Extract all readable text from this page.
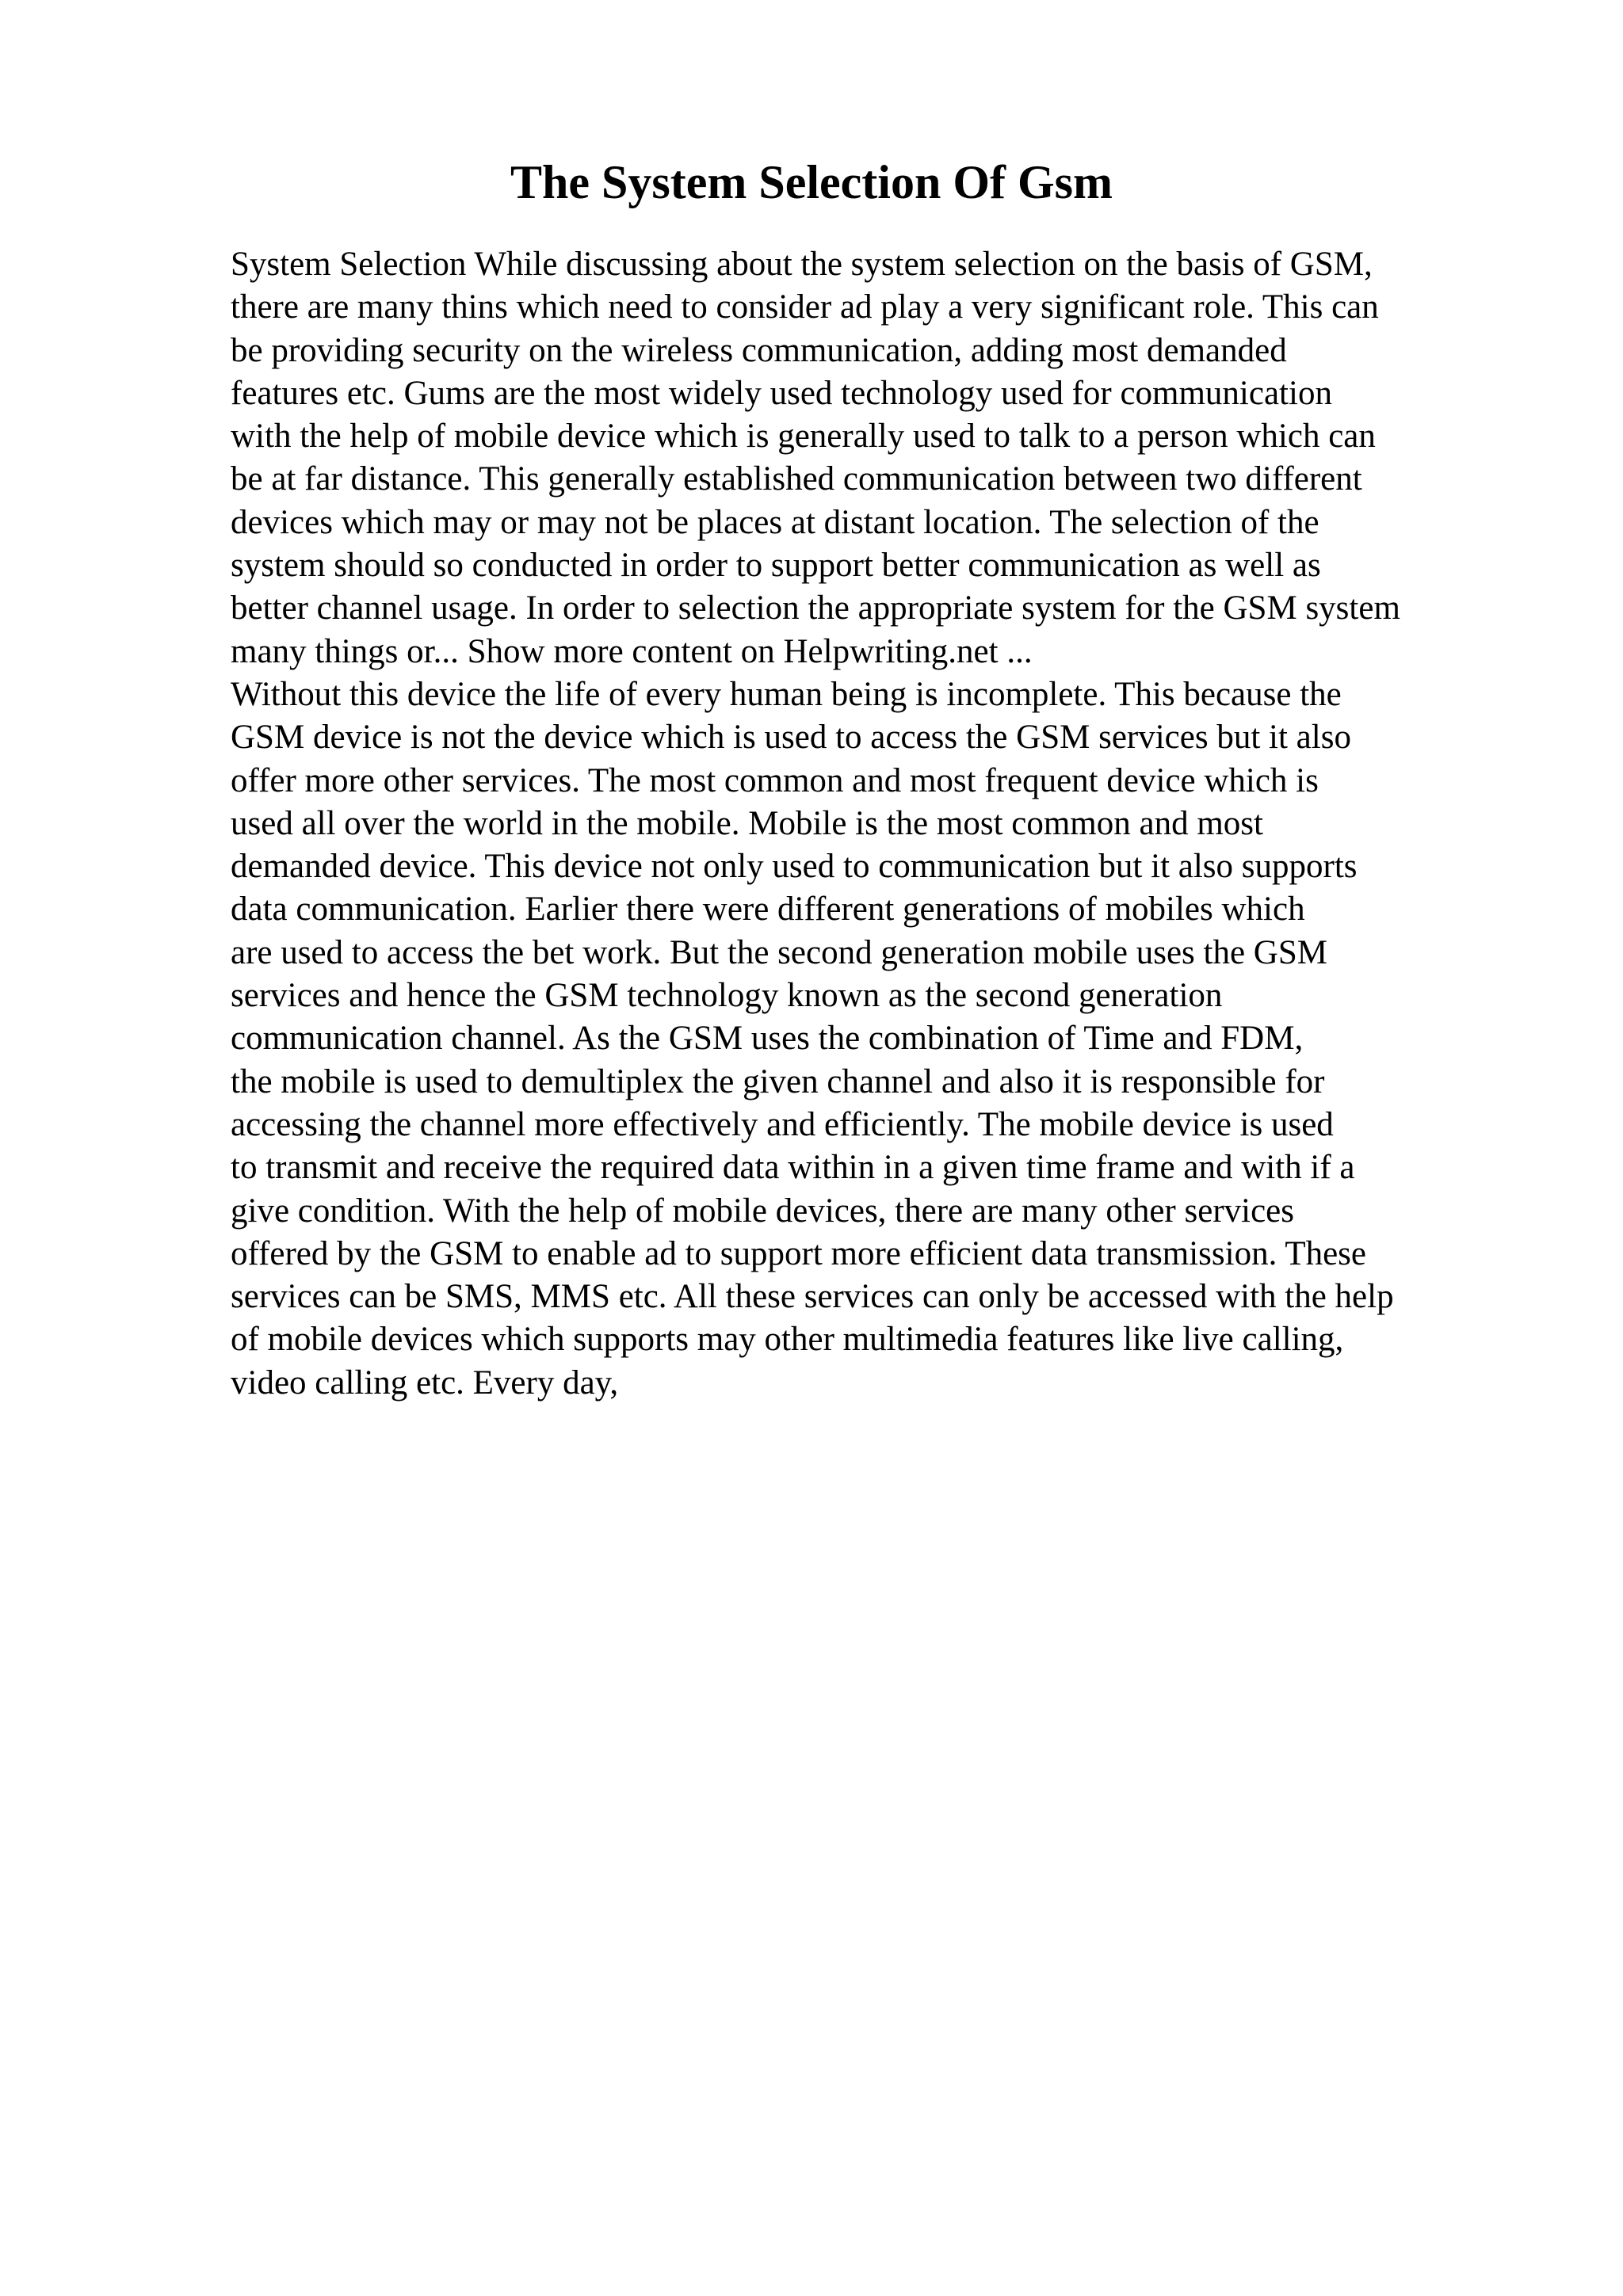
The System Selection Of Gsm
System Selection While discussing about the system selection on the basis of GSM,
there are many thins which need to consider ad play a very significant role. This can
be providing security on the wireless communication, adding most demanded
features etc. Gums are the most widely used technology used for communication
with the help of mobile device which is generally used to talk to a person which can
be at far distance. This generally established communication between two different
devices which may or may not be places at distant location. The selection of the
system should so conducted in order to support better communication as well as
better channel usage. In order to selection the appropriate system for the GSM system
many things or... Show more content on Helpwriting.net ...
Without this device the life of every human being is incomplete. This because the
GSM device is not the device which is used to access the GSM services but it also
offer more other services. The most common and most frequent device which is
used all over the world in the mobile. Mobile is the most common and most
demanded device. This device not only used to communication but it also supports
data communication. Earlier there were different generations of mobiles which
are used to access the bet work. But the second generation mobile uses the GSM
services and hence the GSM technology known as the second generation
communication channel. As the GSM uses the combination of Time and FDM,
the mobile is used to demultiplex the given channel and also it is responsible for
accessing the channel more effectively and efficiently. The mobile device is used
to transmit and receive the required data within in a given time frame and with if a
give condition. With the help of mobile devices, there are many other services
offered by the GSM to enable ad to support more efficient data transmission. These
services can be SMS, MMS etc. All these services can only be accessed with the help
of mobile devices which supports may other multimedia features like live calling,
video calling etc. Every day,
